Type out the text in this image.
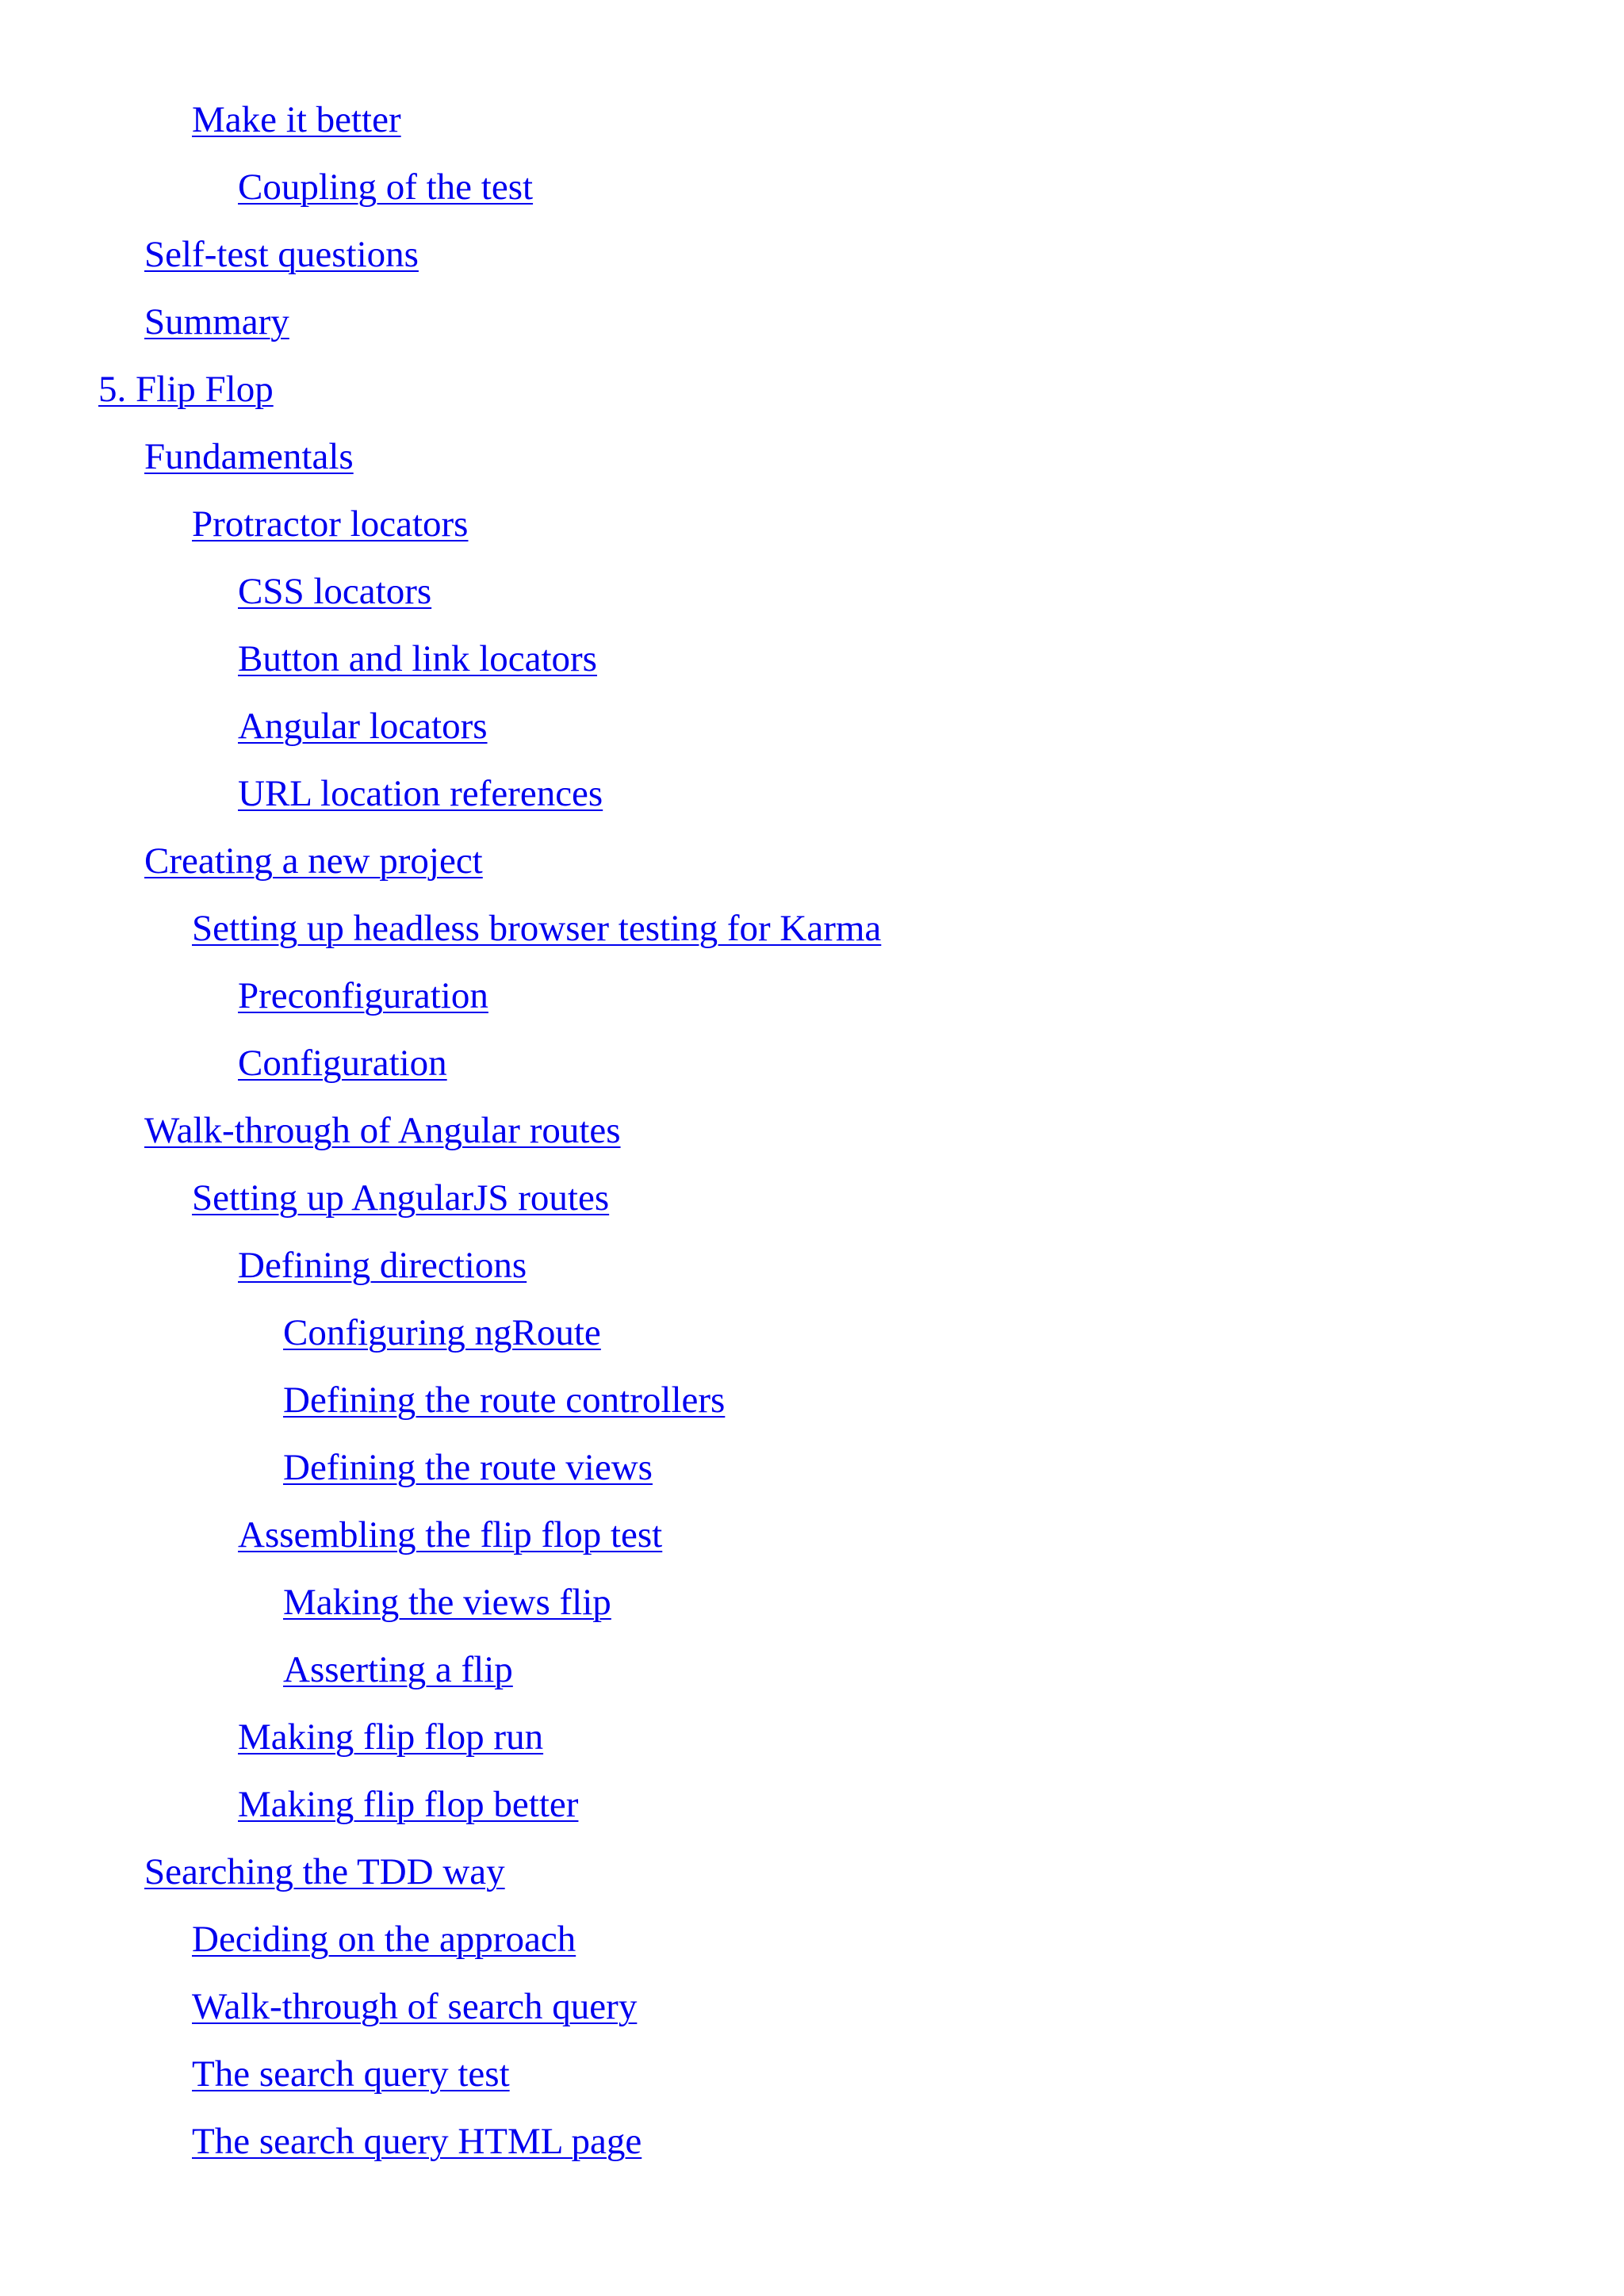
Make it better
Coupling of the test
Self-test questions
Summary
5. Flip Flop
Fundamentals
Protractor locators
CSS locators
Button and link locators
Angular locators
URL location references
Creating a new project
Setting up headless browser testing for Karma
Preconfiguration
Configuration
Walk-through of Angular routes
Setting up AngularJS routes
Defining directions
Configuring ngRoute
Defining the route controllers
Defining the route views
Assembling the flip flop test
Making the views flip
Asserting a flip
Making flip flop run
Making flip flop better
Searching the TDD way
Deciding on the approach
Walk-through of search query
The search query test
The search query HTML page
